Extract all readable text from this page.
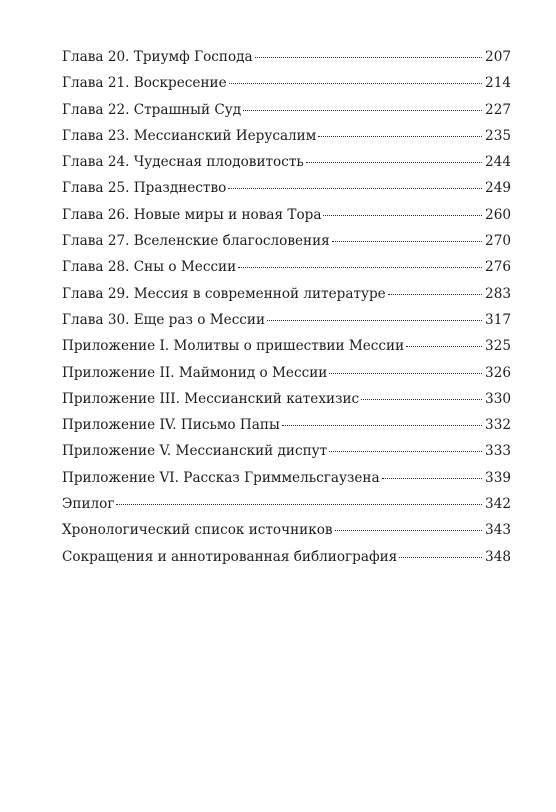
Глава 20. Триумф Господа	207
Глава 21. Воскресение	214
Глава 22. Страшный Суд	227
Глава 23. Мессианский Иерусалим	235
Глава 24. Чудесная плодовитость	244
Глава 25. Празднество	249
Глава 26. Новые миры и новая Тора	260
Глава 27. Вселенские благословения	270
Глава 28. Сны о Мессии	276
Глава 29. Мессия в современной литературе	283
Глава 30. Еще раз о Мессии	317
Приложение I. Молитвы о пришествии Мессии	325
Приложение II. Маймонид о Мессии	326
Приложение III. Мессианский катехизис	330
Приложение IV. Письмо Папы	332
Приложение V. Мессианский диспут	333
Приложение VI. Рассказ Гриммельсгаузена	339
Эпилог	342
Хронологический список источников	343
Сокращения и аннотированная библиография	348
